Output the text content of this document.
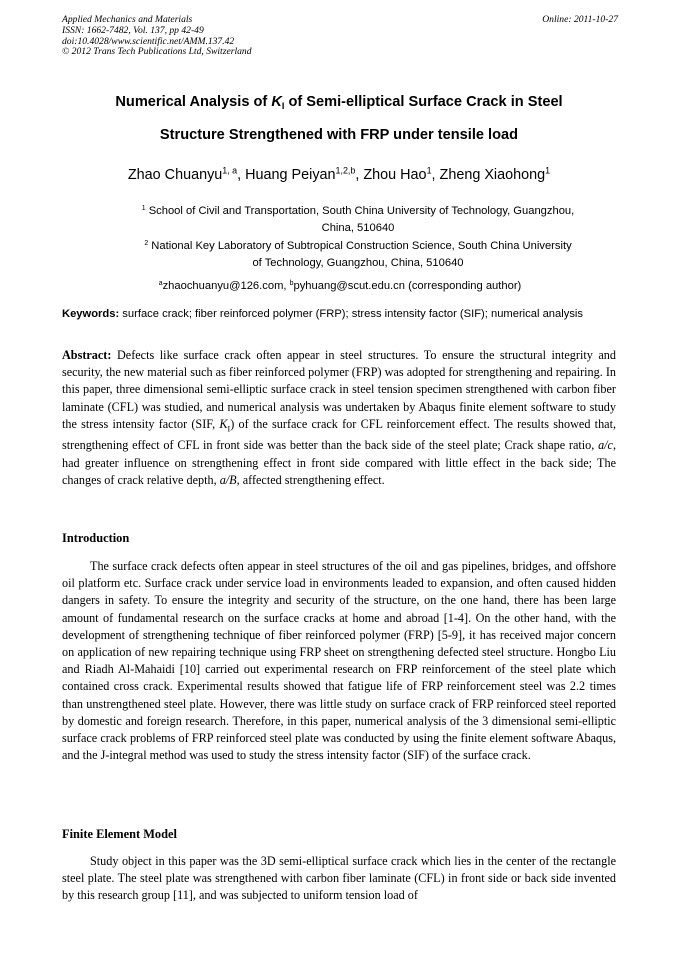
Applied Mechanics and Materials
ISSN: 1662-7482, Vol. 137, pp 42-49
doi:10.4028/www.scientific.net/AMM.137.42
© 2012 Trans Tech Publications Ltd, Switzerland
Online: 2011-10-27
Numerical Analysis of $K_I$ of Semi-elliptical Surface Crack in Steel
Structure Strengthened with FRP under tensile load
Zhao Chuanyu$^{1, a}$, Huang Peiyan$^{1,2,b}$, Zhou Hao$^1$, Zheng Xiaohong$^1$
$^1$ School of Civil and Transportation, South China University of Technology, Guangzhou,
China, 510640
$^2$ National Key Laboratory of Subtropical Construction Science, South China University
of Technology, Guangzhou, China, 510640
$^a$zhaochuanyu@126.com, $^b$pyhuang@scut.edu.cn (corresponding author)
Keywords: surface crack; fiber reinforced polymer (FRP); stress intensity factor (SIF); numerical analysis
Abstract: Defects like surface crack often appear in steel structures. To ensure the structural integrity and security, the new material such as fiber reinforced polymer (FRP) was adopted for strengthening and repairing. In this paper, three dimensional semi-elliptic surface crack in steel tension specimen strengthened with carbon fiber laminate (CFL) was studied, and numerical analysis was undertaken by Abaqus finite element software to study the stress intensity factor (SIF, $K_I$) of the surface crack for CFL reinforcement effect. The results showed that, strengthening effect of CFL in front side was better than the back side of the steel plate; Crack shape ratio, a/c, had greater influence on strengthening effect in front side compared with little effect in the back side; The changes of crack relative depth, a/B, affected strengthening effect.
Introduction
The surface crack defects often appear in steel structures of the oil and gas pipelines, bridges, and offshore oil platform etc. Surface crack under service load in environments leaded to expansion, and often caused hidden dangers in safety. To ensure the integrity and security of the structure, on the one hand, there has been large amount of fundamental research on the surface cracks at home and abroad [1-4]. On the other hand, with the development of strengthening technique of fiber reinforced polymer (FRP) [5-9], it has received major concern on application of new repairing technique using FRP sheet on strengthening defected steel structure. Hongbo Liu and Riadh Al-Mahaidi [10] carried out experimental research on FRP reinforcement of the steel plate which contained cross crack. Experimental results showed that fatigue life of FRP reinforcement steel was 2.2 times than unstrengthened steel plate. However, there was little study on surface crack of FRP reinforced steel reported by domestic and foreign research. Therefore, in this paper, numerical analysis of the 3 dimensional semi-elliptic surface crack problems of FRP reinforced steel plate was conducted by using the finite element software Abaqus, and the J-integral method was used to study the stress intensity factor (SIF) of the surface crack.
Finite Element Model
Study object in this paper was the 3D semi-elliptical surface crack which lies in the center of the rectangle steel plate. The steel plate was strengthened with carbon fiber laminate (CFL) in front side or back side invented by this research group [11], and was subjected to uniform tension load of
